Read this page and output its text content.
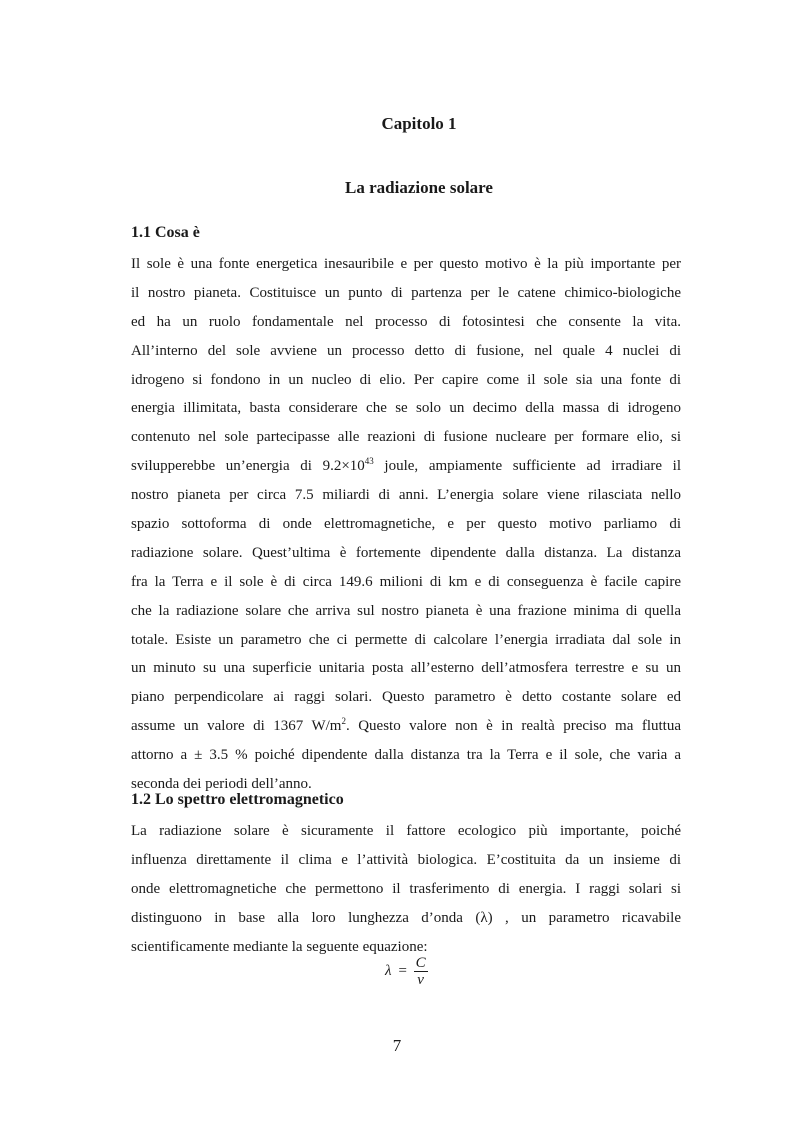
Capitolo 1
La radiazione solare
1.1 Cosa è
Il sole è una fonte energetica inesauribile e per questo motivo è la più importante per
il nostro pianeta. Costituisce un punto di partenza per le catene chimico-biologiche
ed ha un ruolo fondamentale nel processo di fotosintesi che consente la vita.
All’interno del sole avviene un processo detto di fusione, nel quale 4 nuclei di
idrogeno si fondono in un nucleo di elio. Per capire come il sole sia una fonte di
energia illimitata, basta considerare che se solo un decimo della massa di idrogeno
contenuto nel sole partecipasse alle reazioni di fusione nucleare per formare elio, si
svilupperebbe un’energia di $9.2\times 10^{43}$ joule, ampiamente sufficiente ad irradiare il
nostro pianeta per circa 7.5 miliardi di anni. L’energia solare viene rilasciata nello
spazio sottoforma di onde elettromagnetiche, e per questo motivo parliamo di
radiazione solare. Quest’ultima è fortemente dipendente dalla distanza. La distanza
fra la Terra e il sole è di circa 149.6 milioni di km e di conseguenza è facile capire
che la radiazione solare che arriva sul nostro pianeta è una frazione minima di quella
totale. Esiste un parametro che ci permette di calcolare l’energia irradiata dal sole in
un minuto su una superficie unitaria posta all’esterno dell’atmosfera terrestre e su un
piano perpendicolare ai raggi solari. Questo parametro è detto costante solare ed
assume un valore di 1367 $W/m^2$. Questo valore non è in realtà preciso ma fluttua
attorno a ± 3.5 % poiché dipendente dalla distanza tra la Terra e il sole, che varia a
seconda dei periodi dell’anno.
1.2 Lo spettro elettromagnetico
La radiazione solare è sicuramente il fattore ecologico più importante, poiché
influenza direttamente il clima e l’attività biologica. E’costituita da un insieme di
onde elettromagnetiche che permettono il trasferimento di energia. I raggi solari si
distinguono in base alla loro lunghezza d’onda (λ) , un parametro ricavabile
scientificamente mediante la seguente equazione:
$\lambda = \frac{C}{v}$
7
